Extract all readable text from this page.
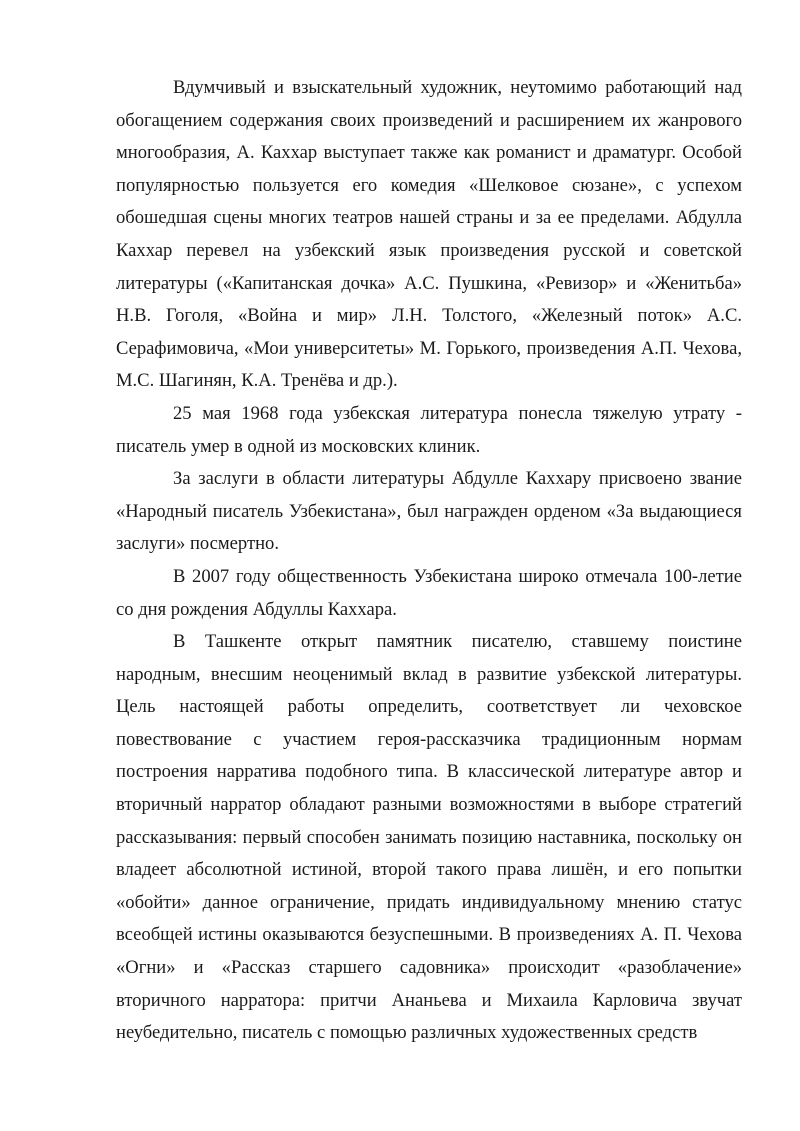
Вдумчивый и взыскательный художник, неутомимо работающий над обогащением содержания своих произведений и расширением их жанрового многообразия, А. Каххар выступает также как романист и драматург. Особой популярностью пользуется его комедия «Шелковое сюзане», с успехом обошедшая сцены многих театров нашей страны и за ее пределами. Абдулла Каххар перевел на узбекский язык произведения русской и советской литературы («Капитанская дочка» А.С. Пушкина, «Ревизор» и «Женитьба» Н.В. Гоголя, «Война и мир» Л.Н. Толстого, «Железный поток» А.С. Серафимовича, «Мои университеты» М. Горького, произведения А.П. Чехова, М.С. Шагинян, К.А. Тренёва и др.).

25 мая 1968 года узбекская литература понесла тяжелую утрату - писатель умер в одной из московских клиник.

За заслуги в области литературы Абдулле Каххару присвоено звание «Народный писатель Узбекистана», был награжден орденом «За выдающиеся заслуги» посмертно.

В 2007 году общественность Узбекистана широко отмечала 100-летие со дня рождения Абдуллы Каххара.

В Ташкенте открыт памятник писателю, ставшему поистине народным, внесшим неоценимый вклад в развитие узбекской литературы. Цель настоящей работы определить, соответствует ли чеховское повествование с участием героя-рассказчика традиционным нормам построения нарратива подобного типа. В классической литературе автор и вторичный нарратор обладают разными возможностями в выборе стратегий рассказывания: первый способен занимать позицию наставника, поскольку он владеет абсолютной истиной, второй такого права лишён, и его попытки «обойти» данное ограничение, придать индивидуальному мнению статус всеобщей истины оказываются безуспешными. В произведениях А. П. Чехова «Огни» и «Рассказ старшего садовника» происходит «разоблачение» вторичного нарратора: притчи Ананьева и Михаила Карловича звучат неубедительно, писатель с помощью различных художественных средств
